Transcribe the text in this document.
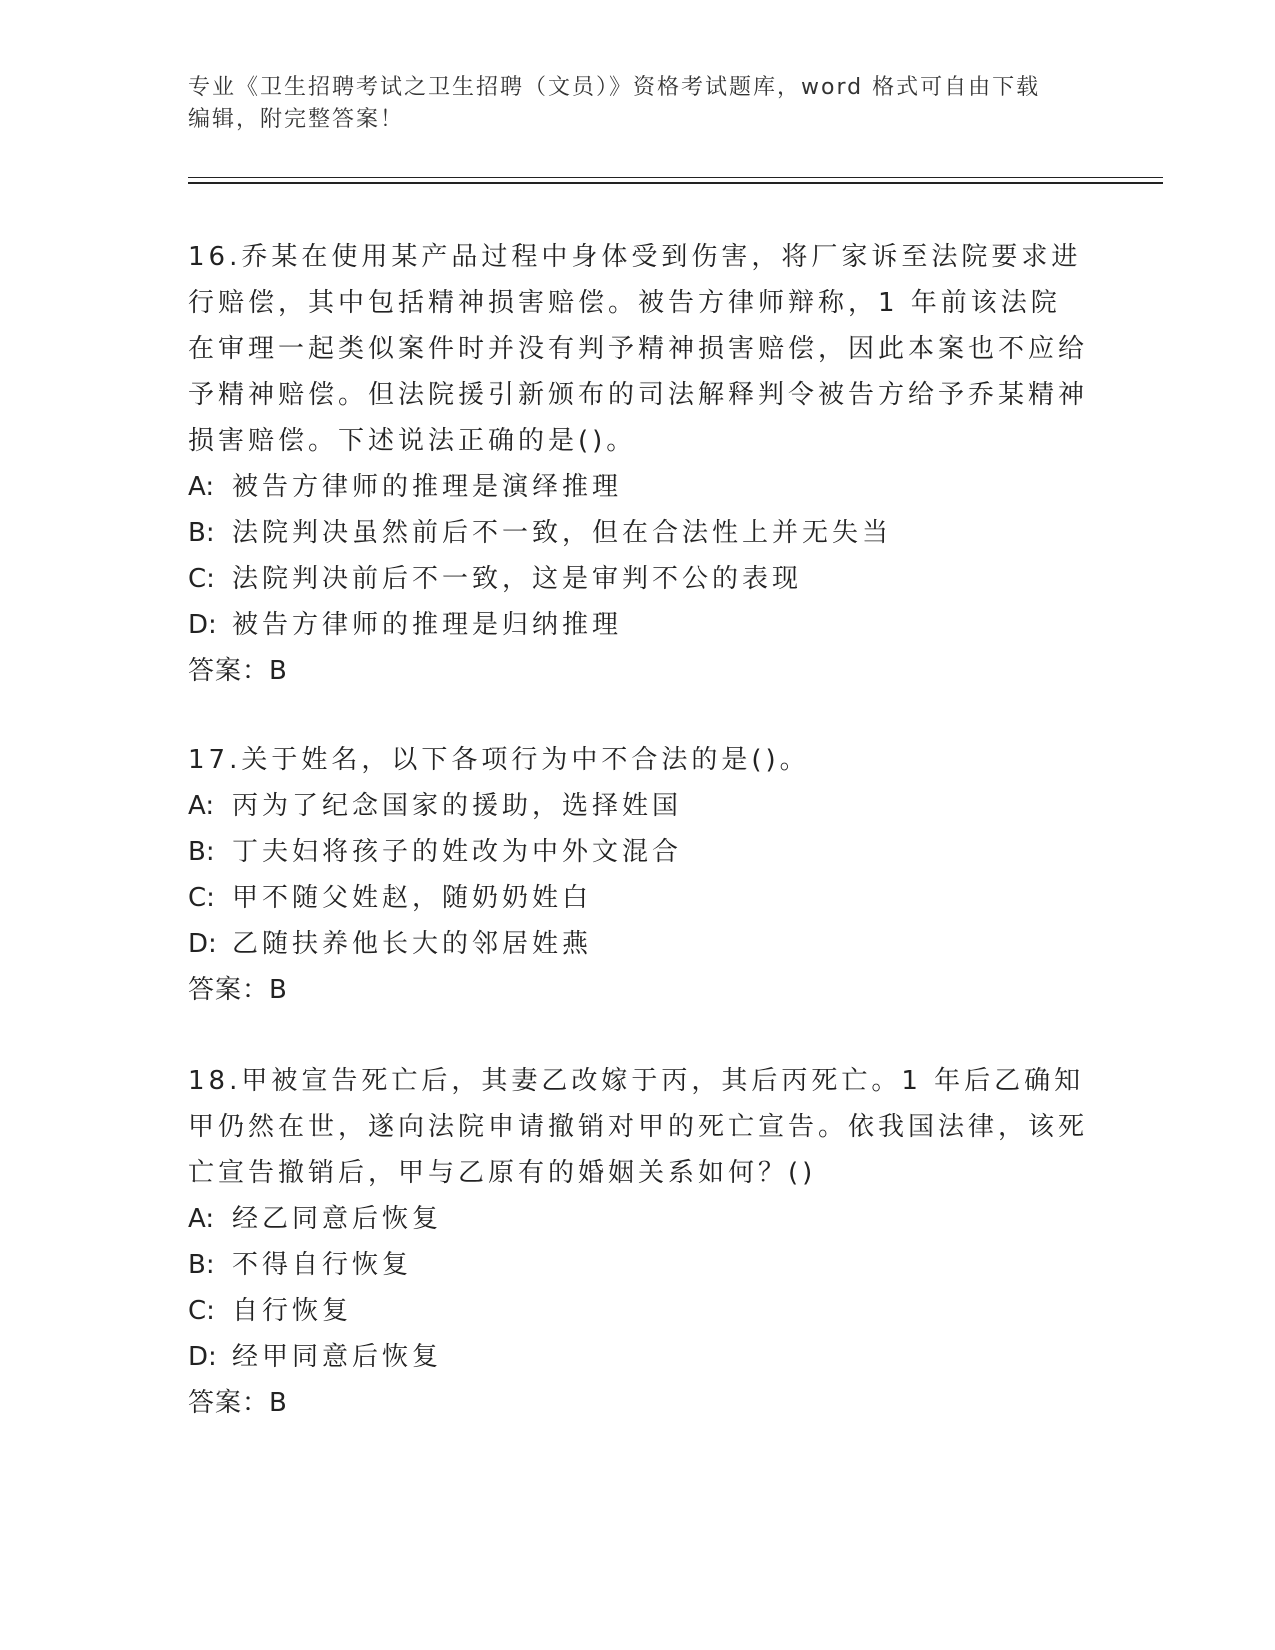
专业《卫生招聘考试之卫生招聘（文员）》资格考试题库，word 格式可自由下载
编辑，附完整答案！

16.乔某在使用某产品过程中身体受到伤害，将厂家诉至法院要求进行赔偿，其中包括精神损害赔偿。被告方律师辩称，1 年前该法院在审理一起类似案件时并没有判予精神损害赔偿，因此本案也不应给予精神赔偿。但法院援引新颁布的司法解释判令被告方给予乔某精神损害赔偿。下述说法正确的是()。

A: 被告方律师的推理是演绎推理

B: 法院判决虽然前后不一致，但在合法性上并无失当

C: 法院判决前后不一致，这是审判不公的表现

D: 被告方律师的推理是归纳推理

答案：B

17.关于姓名，以下各项行为中不合法的是()。

A: 丙为了纪念国家的援助，选择姓国

B: 丁夫妇将孩子的姓改为中外文混合

C: 甲不随父姓赵，随奶奶姓白

D: 乙随扶养他长大的邻居姓燕

答案：B

18.甲被宣告死亡后，其妻乙改嫁于丙，其后丙死亡。1 年后乙确知甲仍然在世，遂向法院申请撤销对甲的死亡宣告。依我国法律，该死亡宣告撤销后，甲与乙原有的婚姻关系如何？()

A: 经乙同意后恢复

B: 不得自行恢复

C: 自行恢复

D: 经甲同意后恢复

答案：B
